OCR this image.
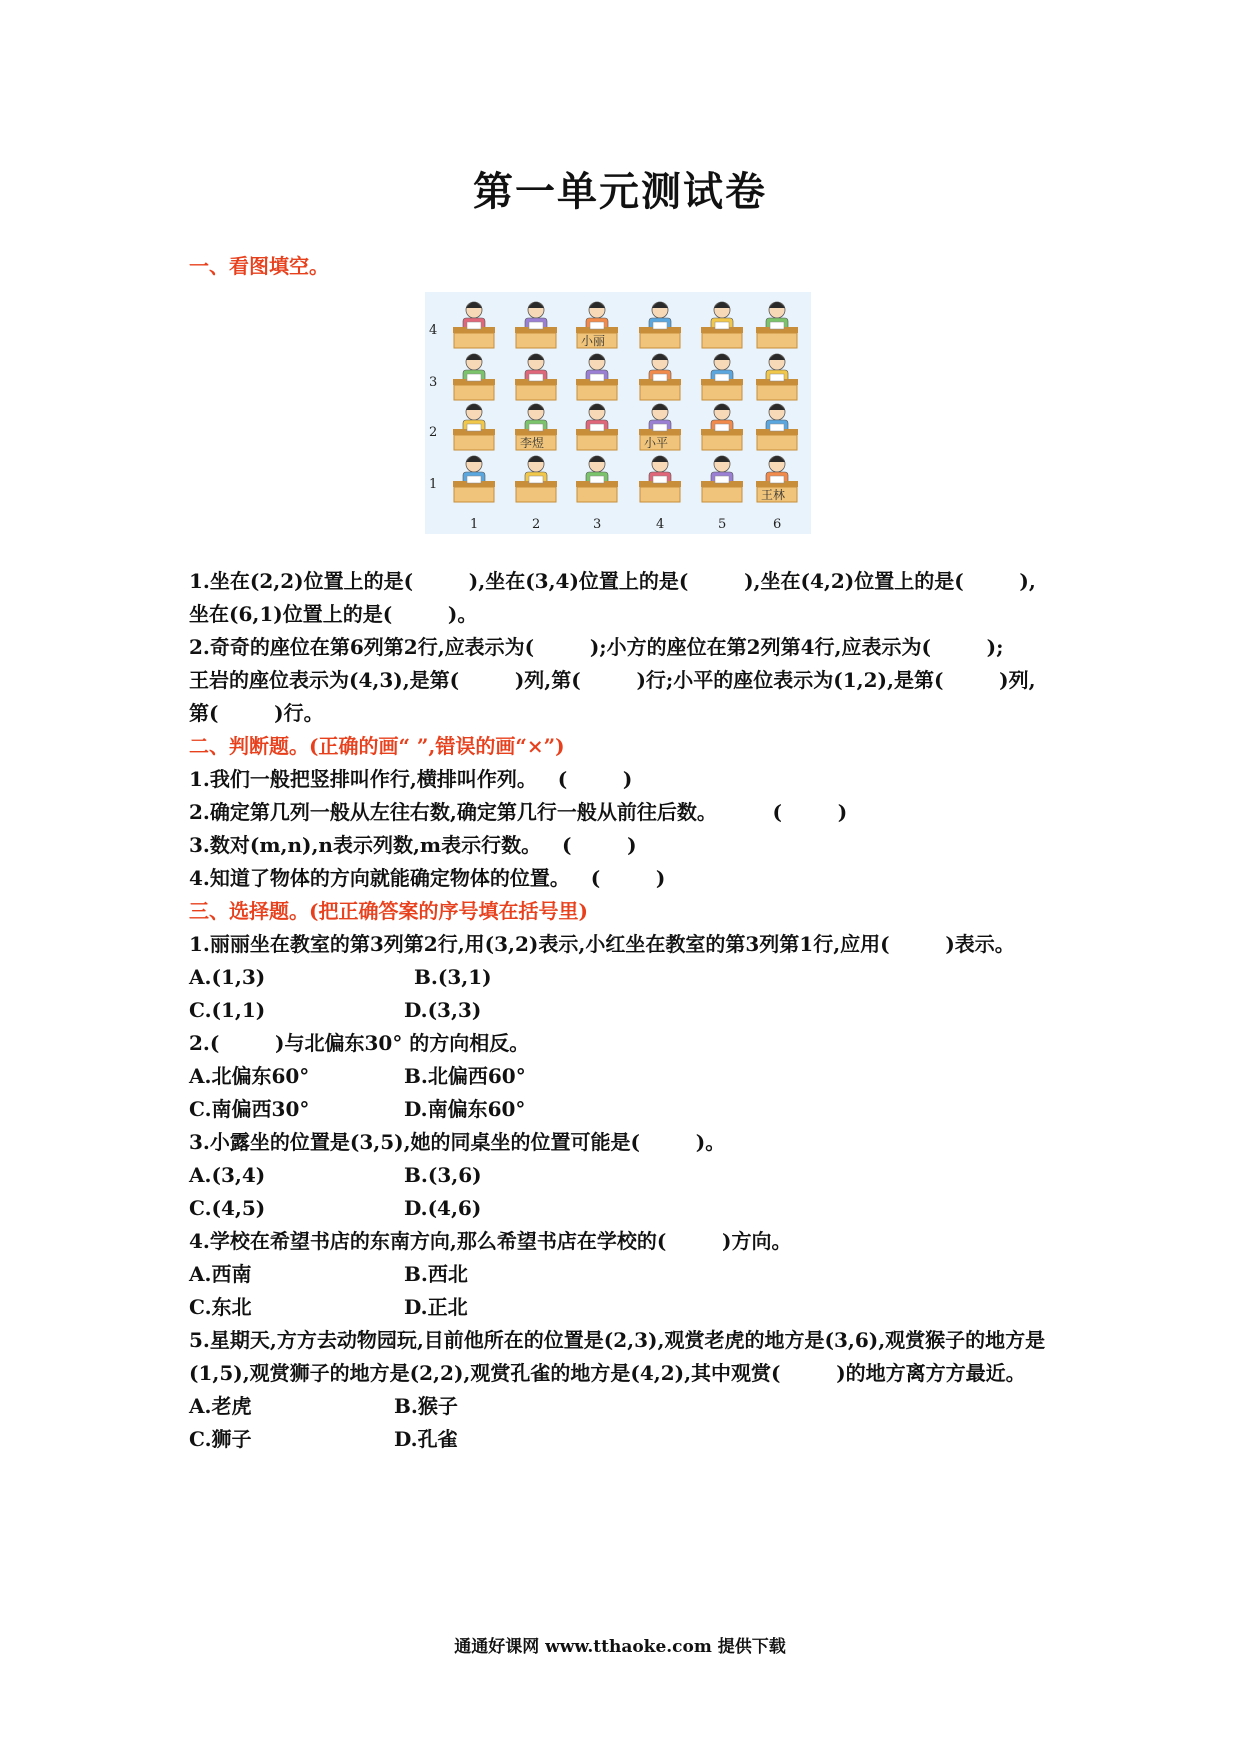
第一单元测试卷
一、看图填空。
4
3
2
1
1	2	3	4	5	6
小丽
李煜	小平
王林
1.坐在(2,2)位置上的是(        ),坐在(3,4)位置上的是(        ),坐在(4,2)位置上的是(        ),
坐在(6,1)位置上的是(        )。
2.奇奇的座位在第6列第2行,应表示为(        );小方的座位在第2列第4行,应表示为(        );
王岩的座位表示为(4,3),是第(        )列,第(        )行;小平的座位表示为(1,2),是第(        )列,
第(        )行。
二、判断题。(正确的画“ ”,错误的画“×”)
1.我们一般把竖排叫作行,横排叫作列。   (        )
2.确定第几列一般从左往右数,确定第几行一般从前往后数。        (        )
3.数对(m,n),n表示列数,m表示行数。   (        )
4.知道了物体的方向就能确定物体的位置。   (        )
三、选择题。(把正确答案的序号填在括号里)
1.丽丽坐在教室的第3列第2行,用(3,2)表示,小红坐在教室的第3列第1行,应用(        )表示。
A.(1,3)	B.(3,1)
C.(1,1)	D.(3,3)
2.(        )与北偏东30° 的方向相反。
A.北偏东60°	B.北偏西60°
C.南偏西30°	D.南偏东60°
3.小露坐的位置是(3,5),她的同桌坐的位置可能是(        )。
A.(3,4)	B.(3,6)
C.(4,5)	D.(4,6)
4.学校在希望书店的东南方向,那么希望书店在学校的(        )方向。
A.西南	B.西北
C.东北	D.正北
5.星期天,方方去动物园玩,目前他所在的位置是(2,3),观赏老虎的地方是(3,6),观赏猴子的地方是(1,5),观赏狮子的地方是(2,2),观赏孔雀的地方是(4,2),其中观赏(        )的地方离方方最近。
A.老虎	B.猴子
C.狮子	D.孔雀
通通好课网 www.tthaoke.com 提供下载
